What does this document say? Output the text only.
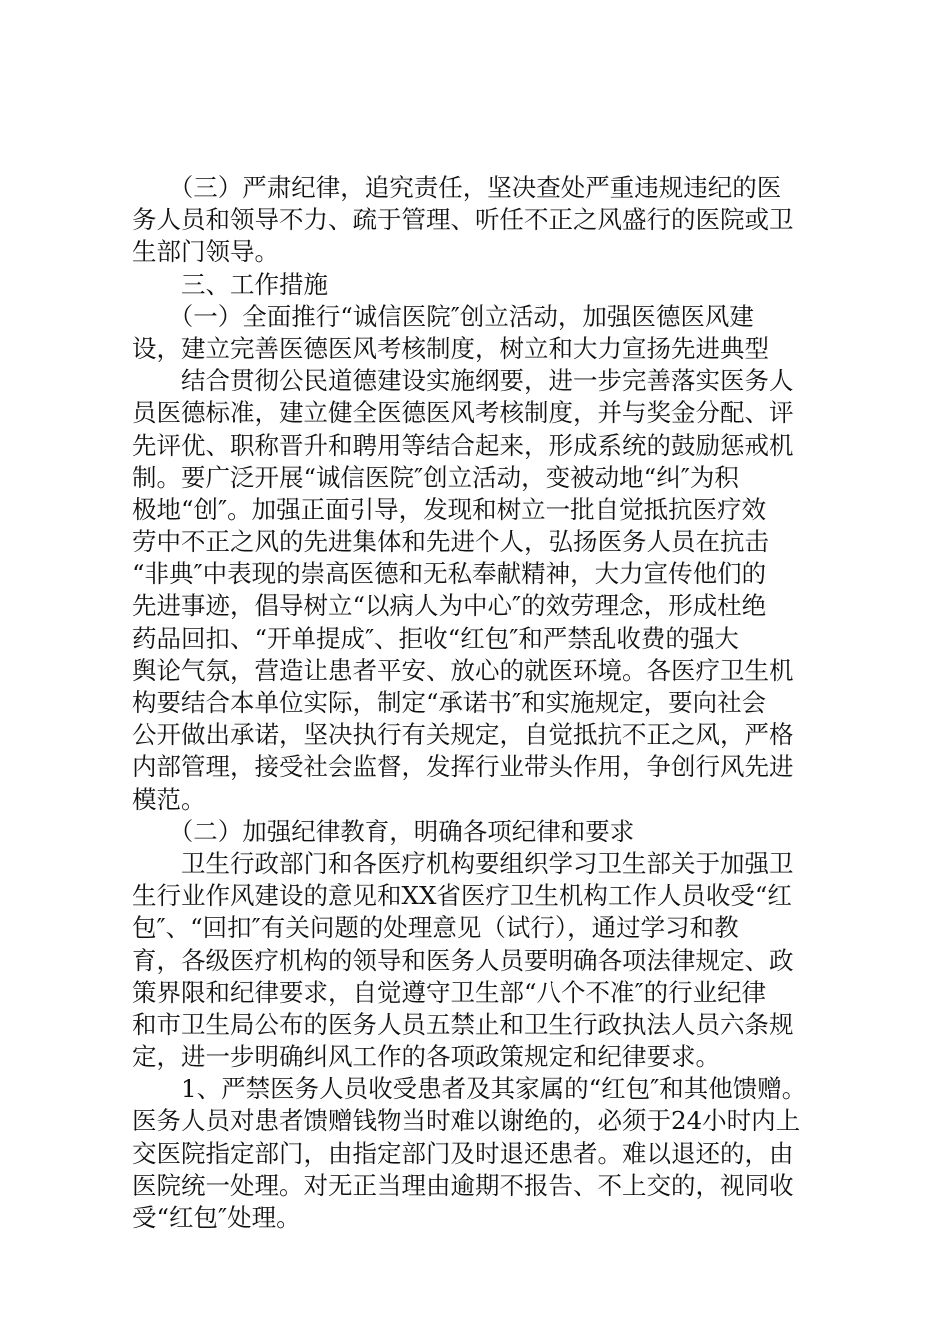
　　（三）严肃纪律，追究责任，坚决查处严重违规违纪的医
务人员和领导不力、疏于管理、听任不正之风盛行的医院或卫
生部门领导。
　　三、工作措施
　　（一）全面推行“诚信医院″创立活动，加强医德医风建
设，建立完善医德医风考核制度，树立和大力宣扬先进典型
　　结合贯彻公民道德建设实施纲要，进一步完善落实医务人
员医德标准，建立健全医德医风考核制度，并与奖金分配、评
先评优、职称晋升和聘用等结合起来，形成系统的鼓励惩戒机
制。要广泛开展“诚信医院″创立活动，变被动地“纠″为积
极地“创″。加强正面引导，发现和树立一批自觉抵抗医疗效
劳中不正之风的先进集体和先进个人，弘扬医务人员在抗击
“非典″中表现的崇高医德和无私奉献精神，大力宣传他们的
先进事迹，倡导树立“以病人为中心″的效劳理念，形成杜绝
药品回扣、“开单提成″、拒收“红包″和严禁乱收费的强大
舆论气氛，营造让患者平安、放心的就医环境。各医疗卫生机
构要结合本单位实际，制定“承诺书″和实施规定，要向社会
公开做出承诺，坚决执行有关规定，自觉抵抗不正之风，严格
内部管理，接受社会监督，发挥行业带头作用，争创行风先进
模范。
　　（二）加强纪律教育，明确各项纪律和要求
　　卫生行政部门和各医疗机构要组织学习卫生部关于加强卫
生行业作风建设的意见和XX省医疗卫生机构工作人员收受“红
包″、“回扣″有关问题的处理意见（试行），通过学习和教
育，各级医疗机构的领导和医务人员要明确各项法律规定、政
策界限和纪律要求，自觉遵守卫生部“八个不准″的行业纪律
和市卫生局公布的医务人员五禁止和卫生行政执法人员六条规
定，进一步明确纠风工作的各项政策规定和纪律要求。
　　1、严禁医务人员收受患者及其家属的“红包″和其他馈赠。
医务人员对患者馈赠钱物当时难以谢绝的，必须于24小时内上
交医院指定部门，由指定部门及时退还患者。难以退还的，由
医院统一处理。对无正当理由逾期不报告、不上交的，视同收
受“红包″处理。
